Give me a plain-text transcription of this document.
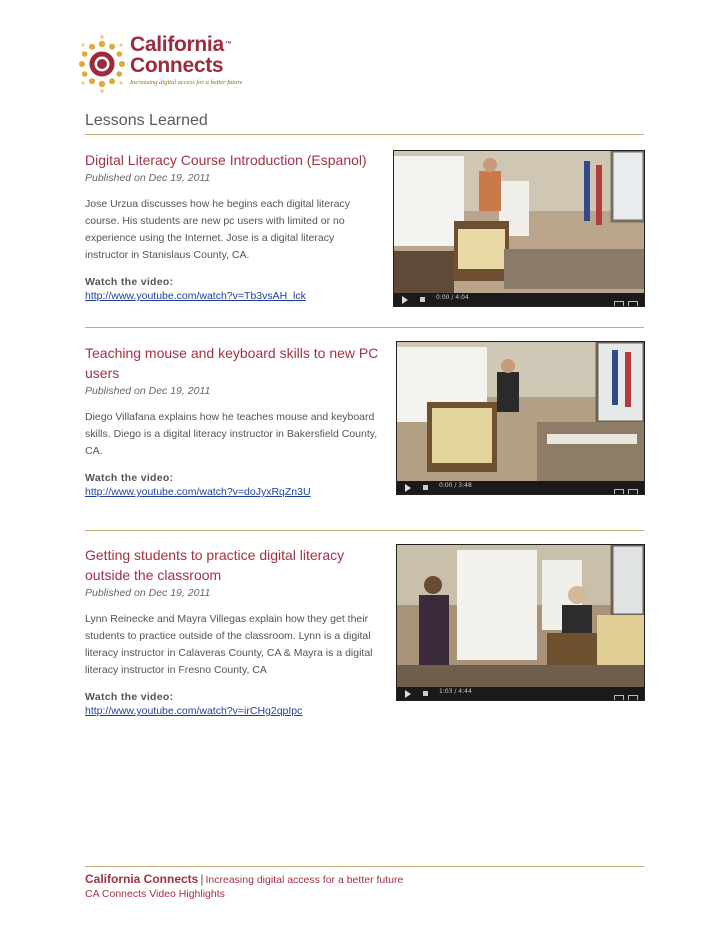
California™
Connects
Increasing digital access for a better future
Lessons Learned
Digital Literacy Course Introduction (Espanol)
Published on Dec 19, 2011
Jose Urzua discusses how he begins each digital literacy course. His students are new pc users with limited or no experience using the Internet. Jose is a digital literacy instructor in Stanislaus County, CA.
Watch the video:
http://www.youtube.com/watch?v=Tb3vsAH_lck	0:00 / 4:04
Teaching mouse and keyboard skills to new PC users
Published on Dec 19, 2011
Diego Villafana explains how he teaches mouse and keyboard skills. Diego is a digital literacy instructor in Bakersfield County, CA.
Watch the video:
http://www.youtube.com/watch?v=doJyxRqZn3U
0:00 / 3:48
Getting students to practice digital literacy outside the classroom
Published on Dec 19, 2011
Lynn Reinecke and Mayra Villegas explain how they get their students to practice outside of the classroom. Lynn is a digital literacy instructor in Calaveras County, CA & Mayra is a digital literacy instructor in Fresno County, CA
Watch the video:
http://www.youtube.com/watch?v=irCHg2qpIpc
1:03 / 4:44
California Connects | Increasing digital access for a better future
CA Connects Video Highlights
